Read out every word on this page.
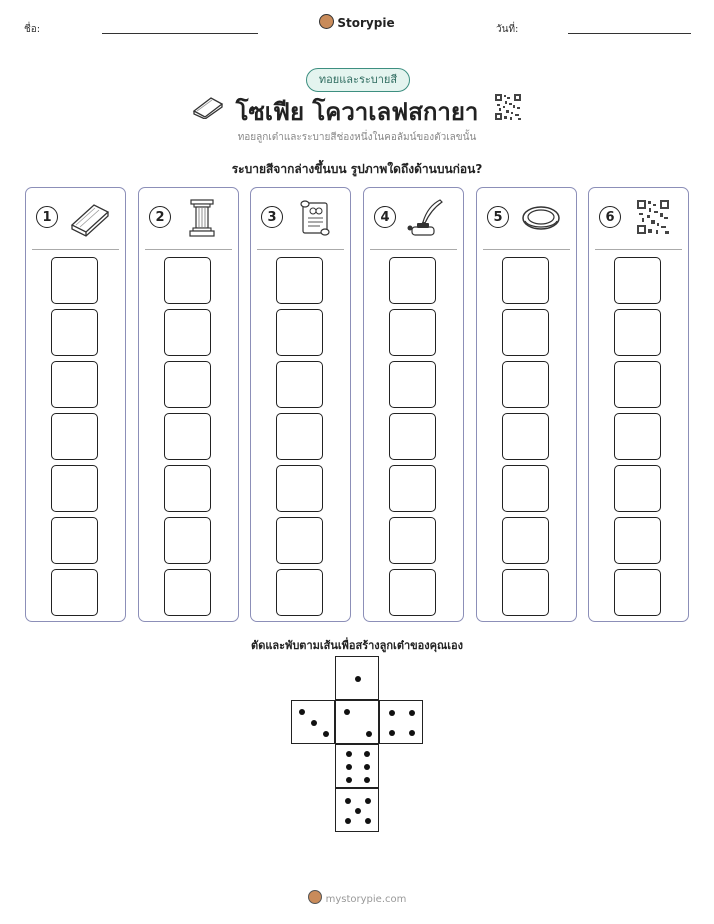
ชื่อ:	Storypie	วันที่:
ทอยและระบายสี
โซเฟีย โควาเลฟสกายา
ทอยลูกเต๋าและระบายสีช่องหนึ่งในคอลัมน์ของตัวเลขนั้น
ระบายสีจากล่างขึ้นบน รูปภาพใดถึงด้านบนก่อน?
1	2	3	4	5	6
ตัดและพับตามเส้นเพื่อสร้างลูกเต๋าของคุณเอง
mystorypie.com
